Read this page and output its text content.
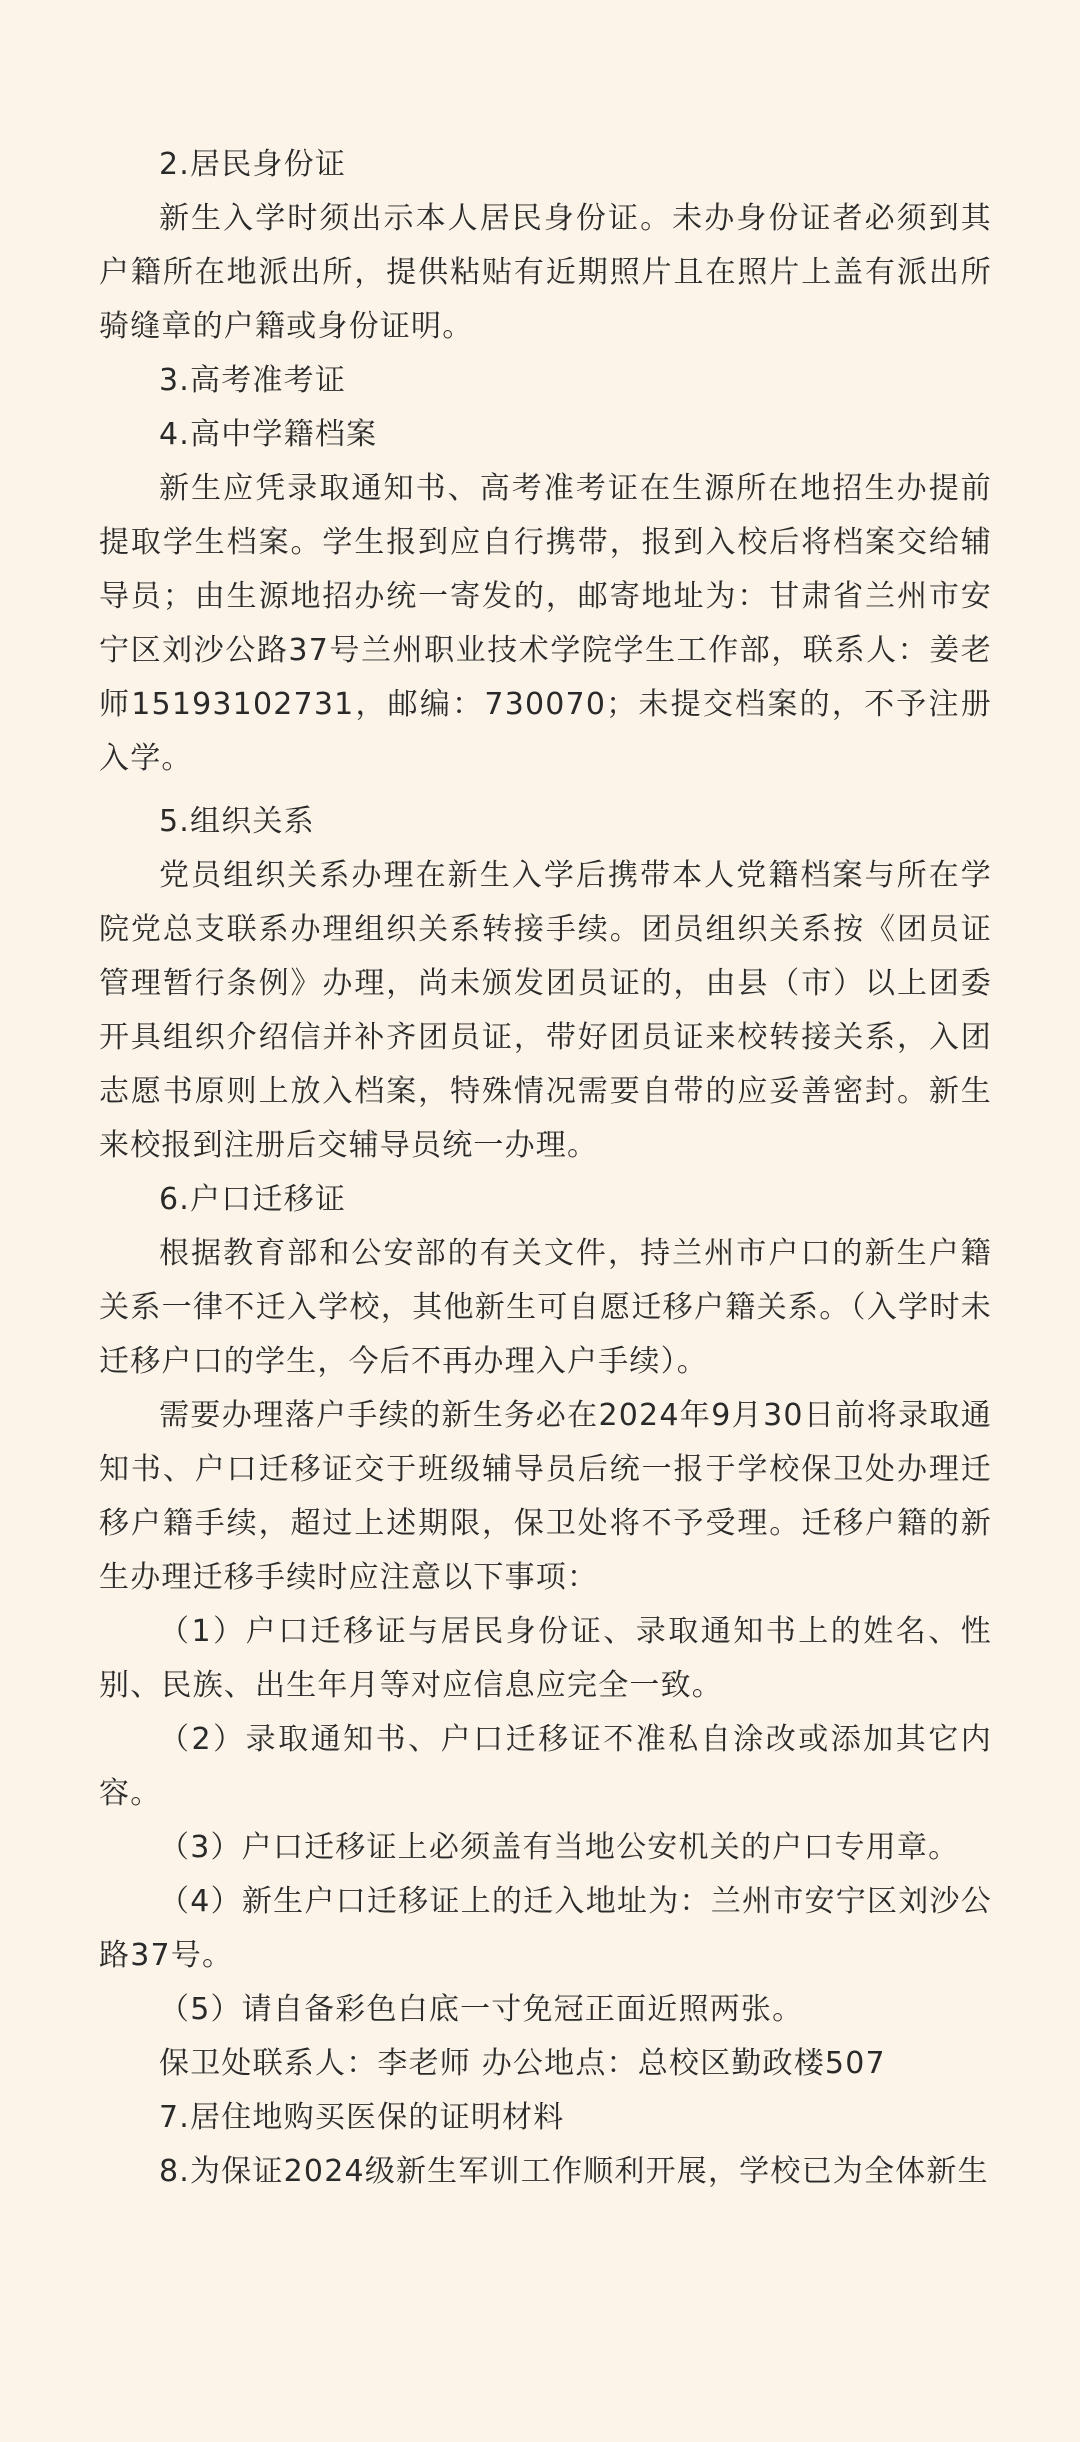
2.居民身份证

新生入学时须出示本人居民身份证。未办身份证者必须到其户籍所在地派出所，提供粘贴有近期照片且在照片上盖有派出所骑缝章的户籍或身份证明。

3.高考准考证

4.高中学籍档案

新生应凭录取通知书、高考准考证在生源所在地招生办提前提取学生档案。学生报到应自行携带，报到入校后将档案交给辅导员；由生源地招办统一寄发的，邮寄地址为：甘肃省兰州市安宁区刘沙公路37号兰州职业技术学院学生工作部，联系人：姜老师15193102731，邮编：730070；未提交档案的，不予注册入学。

5.组织关系

党员组织关系办理在新生入学后携带本人党籍档案与所在学院党总支联系办理组织关系转接手续。团员组织关系按《团员证管理暂行条例》办理，尚未颁发团员证的，由县（市）以上团委开具组织介绍信并补齐团员证，带好团员证来校转接关系，入团志愿书原则上放入档案，特殊情况需要自带的应妥善密封。新生来校报到注册后交辅导员统一办理。

6.户口迁移证

根据教育部和公安部的有关文件，持兰州市户口的新生户籍关系一律不迁入学校，其他新生可自愿迁移户籍关系。（入学时未迁移户口的学生，今后不再办理入户手续）。

需要办理落户手续的新生务必在2024年9月30日前将录取通知书、户口迁移证交于班级辅导员后统一报于学校保卫处办理迁移户籍手续，超过上述期限，保卫处将不予受理。迁移户籍的新生办理迁移手续时应注意以下事项：

（1）户口迁移证与居民身份证、录取通知书上的姓名、性别、民族、出生年月等对应信息应完全一致。

（2）录取通知书、户口迁移证不准私自涂改或添加其它内容。

（3）户口迁移证上必须盖有当地公安机关的户口专用章。

（4）新生户口迁移证上的迁入地址为：兰州市安宁区刘沙公路37号。

（5）请自备彩色白底一寸免冠正面近照两张。

保卫处联系人：李老师 办公地点：总校区勤政楼507

7.居住地购买医保的证明材料

8.为保证2024级新生军训工作顺利开展，学校已为全体新生
